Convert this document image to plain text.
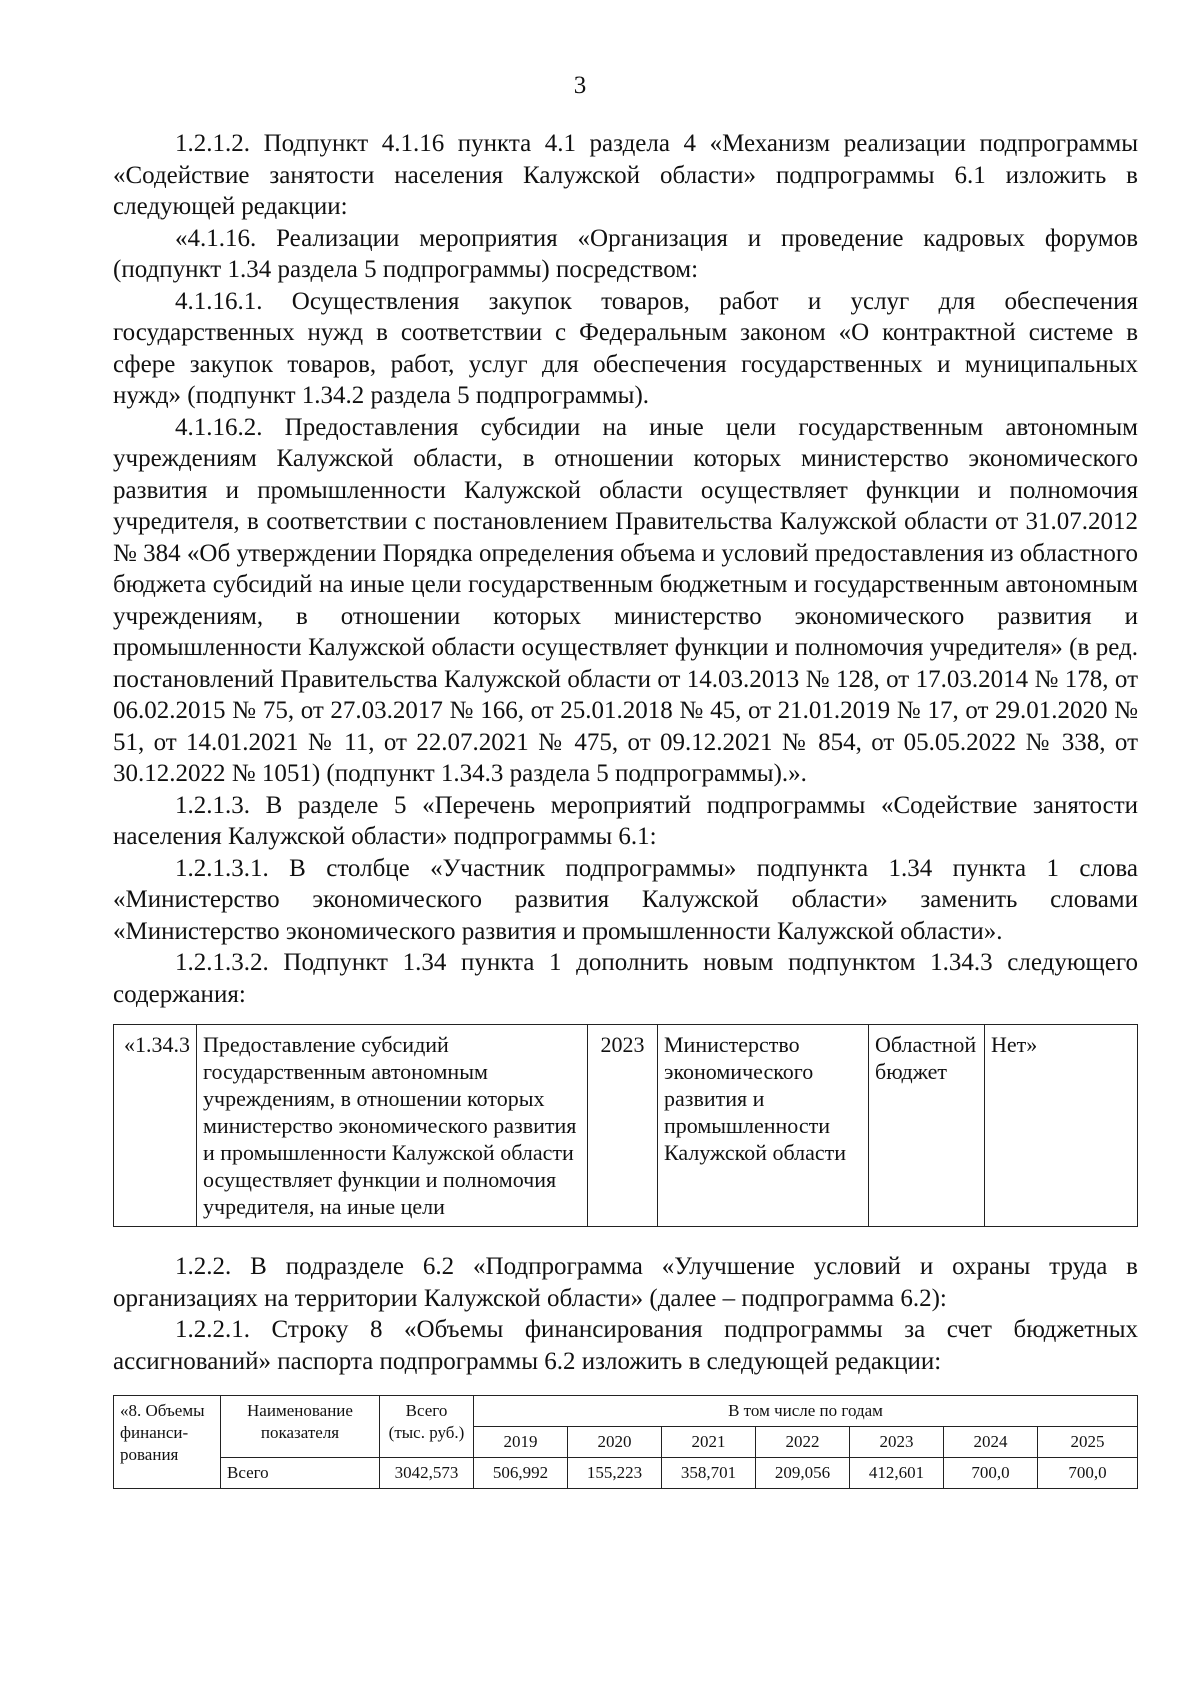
3

1.2.1.2. Подпункт 4.1.16 пункта 4.1 раздела 4 «Механизм реализации подпрограммы «Содействие занятости населения Калужской области» подпрограммы 6.1 изложить в следующей редакции:

«4.1.16. Реализации мероприятия «Организация и проведение кадровых форумов (подпункт 1.34 раздела 5 подпрограммы) посредством:

4.1.16.1. Осуществления закупок товаров, работ и услуг для обеспечения государственных нужд в соответствии с Федеральным законом «О контрактной системе в сфере закупок товаров, работ, услуг для обеспечения государственных и муниципальных нужд» (подпункт 1.34.2 раздела 5 подпрограммы).

4.1.16.2. Предоставления субсидии на иные цели государственным автономным учреждениям Калужской области, в отношении которых министерство экономического развития и промышленности Калужской области осуществляет функции и полномочия учредителя, в соответствии с постановлением Правительства Калужской области от 31.07.2012 № 384 «Об утверждении Порядка определения объема и условий предоставления из областного бюджета субсидий на иные цели государственным бюджетным и государственным автономным учреждениям, в отношении которых министерство экономического развития и промышленности Калужской области осуществляет функции и полномочия учредителя» (в ред. постановлений Правительства Калужской области от 14.03.2013 № 128, от 17.03.2014 № 178, от 06.02.2015 № 75, от 27.03.2017 № 166, от 25.01.2018 № 45, от 21.01.2019 № 17, от 29.01.2020 № 51, от 14.01.2021 № 11, от 22.07.2021 № 475, от 09.12.2021 № 854, от 05.05.2022 № 338, от 30.12.2022 № 1051) (подпункт 1.34.3 раздела 5 подпрограммы).».

1.2.1.3. В разделе 5 «Перечень мероприятий подпрограммы «Содействие занятости населения Калужской области» подпрограммы 6.1:

1.2.1.3.1. В столбце «Участник подпрограммы» подпункта 1.34 пункта 1 слова «Министерство экономического развития Калужской области» заменить словами «Министерство экономического развития и промышленности Калужской области».

1.2.1.3.2. Подпункт 1.34 пункта 1 дополнить новым подпунктом 1.34.3 следующего содержания:

«1.34.3	Предоставление субсидий государственным автономным учреждениям, в отношении которых министерство экономического развития и промышленности Калужской области осуществляет функции и полномочия учредителя, на иные цели	2023	Министерство экономического развития и промышленности Калужской области	Областной бюджет	Нет»

1.2.2. В подразделе 6.2 «Подпрограмма «Улучшение условий и охраны труда в организациях на территории Калужской области» (далее – подпрограмма 6.2):

1.2.2.1. Строку 8 «Объемы финансирования подпрограммы за счет бюджетных ассигнований» паспорта подпрограммы 6.2 изложить в следующей редакции:

«8. Объемы финанси-рования	Наименование показателя	Всего (тыс. руб.)	В том числе по годам						
			2019	2020	2021	2022	2023	2024	2025
	Всего	3042,573	506,992	155,223	358,701	209,056	412,601	700,0	700,0
